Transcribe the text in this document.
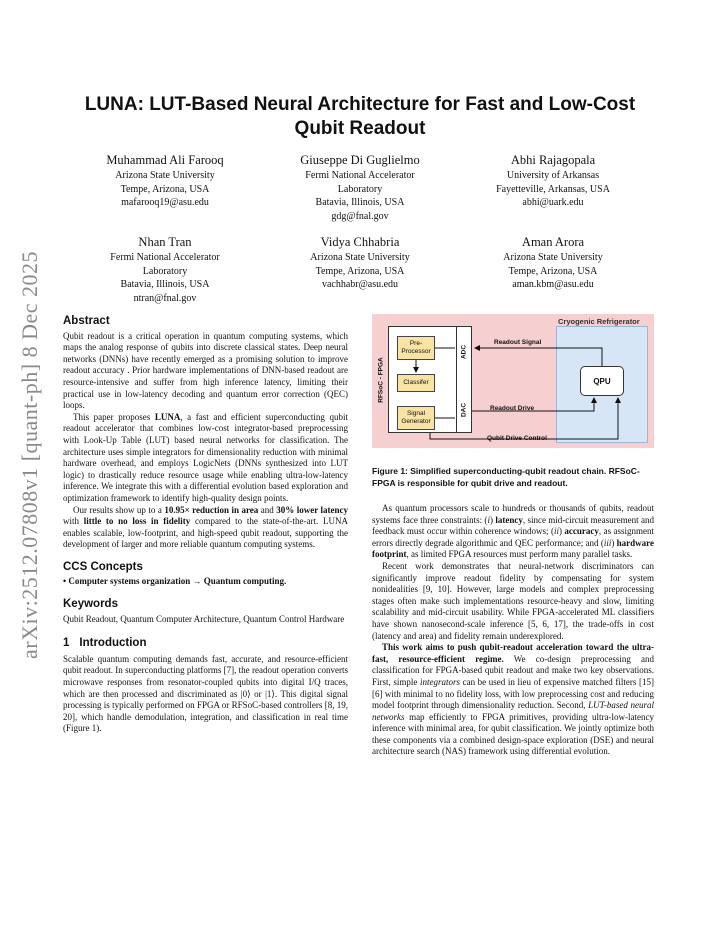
arXiv:2512.07808v1 [quant-ph] 8 Dec 2025
LUNA: LUT-Based Neural Architecture for Fast and Low-Cost Qubit Readout
Muhammad Ali Farooq
Arizona State University
Tempe, Arizona, USA
mafarooq19@asu.edu
Giuseppe Di Guglielmo
Fermi National Accelerator
Laboratory
Batavia, Illinois, USA
gdg@fnal.gov
Abhi Rajagopala
University of Arkansas
Fayetteville, Arkansas, USA
abhi@uark.edu
Nhan Tran
Fermi National Accelerator
Laboratory
Batavia, Illinois, USA
ntran@fnal.gov
Vidya Chhabria
Arizona State University
Tempe, Arizona, USA
vachhabr@asu.edu
Aman Arora
Arizona State University
Tempe, Arizona, USA
aman.kbm@asu.edu
Abstract

Qubit readout is a critical operation in quantum computing systems, which maps the analog response of qubits into discrete classical states. Deep neural networks (DNNs) have recently emerged as a promising solution to improve readout accuracy . Prior hardware implementations of DNN-based readout are resource-intensive and suffer from high inference latency, limiting their practical use in low-latency decoding and quantum error correction (QEC) loops.

This paper proposes LUNA, a fast and efficient superconducting qubit readout accelerator that combines low-cost integrator-based preprocessing with Look-Up Table (LUT) based neural networks for classification. The architecture uses simple integrators for dimensionality reduction with minimal hardware overhead, and employs LogicNets (DNNs synthesized into LUT logic) to drastically reduce resource usage while enabling ultra-low-latency inference. We integrate this with a differential evolution based exploration and optimization framework to identify high-quality design points.

Our results show up to a 10.95× reduction in area and 30% lower latency with little to no loss in fidelity compared to the state-of-the-art. LUNA enables scalable, low-footprint, and high-speed qubit readout, supporting the development of larger and more reliable quantum computing systems.

CCS Concepts

• Computer systems organization → Quantum computing.

Keywords

Qubit Readout, Quantum Computer Architecture, Quantum Control Hardware

1 Introduction

Scalable quantum computing demands fast, accurate, and resource-efficient qubit readout. In superconducting platforms [7], the readout operation converts microwave responses from resonator-coupled qubits into digital I/Q traces, which are then processed and discriminated as |0⟩ or |1⟩. This digital signal processing is typically performed on FPGA or RFSoC-based controllers [8, 19, 20], which handle demodulation, integration, and classification in real time (Figure 1).

Cryogenic Refrigerator
RFSoC - FPGA
ADC
DAC
Pre-
Processor
Classifer
Signal
Generator
QPU
Readout Signal
Readout Drive
Qubit Drive Control
Figure 1: Simplified superconducting-qubit readout chain. RFSoC-FPGA is responsible for qubit drive and readout.

As quantum processors scale to hundreds or thousands of qubits, readout systems face three constraints: (i) latency, since mid-circuit measurement and feedback must occur within coherence windows; (ii) accuracy, as assignment errors directly degrade algorithmic and QEC performance; and (iii) hardware footprint, as limited FPGA resources must perform many parallel tasks.

Recent work demonstrates that neural-network discriminators can significantly improve readout fidelity by compensating for system nonidealities [9, 10]. However, large models and complex preprocessing stages often make such implementations resource-heavy and slow, limiting scalability and mid-circuit usability. While FPGA-accelerated ML classifiers have shown nanosecond-scale inference [5, 6, 17], the trade-offs in cost (latency and area) and fidelity remain underexplored.

This work aims to push qubit-readout acceleration toward the ultra-fast, resource-efficient regime. We co-design preprocessing and classification for FPGA-based qubit readout and make two key observations. First, simple integrators can be used in lieu of expensive matched filters [15][6] with minimal to no fidelity loss, with low preprocessing cost and reducing model footprint through dimensionality reduction. Second, LUT-based neural networks map efficiently to FPGA primitives, providing ultra-low-latency inference with minimal area, for qubit classification. We jointly optimize both these components via a combined design-space exploration (DSE) and neural architecture search (NAS) framework using differential evolution.
